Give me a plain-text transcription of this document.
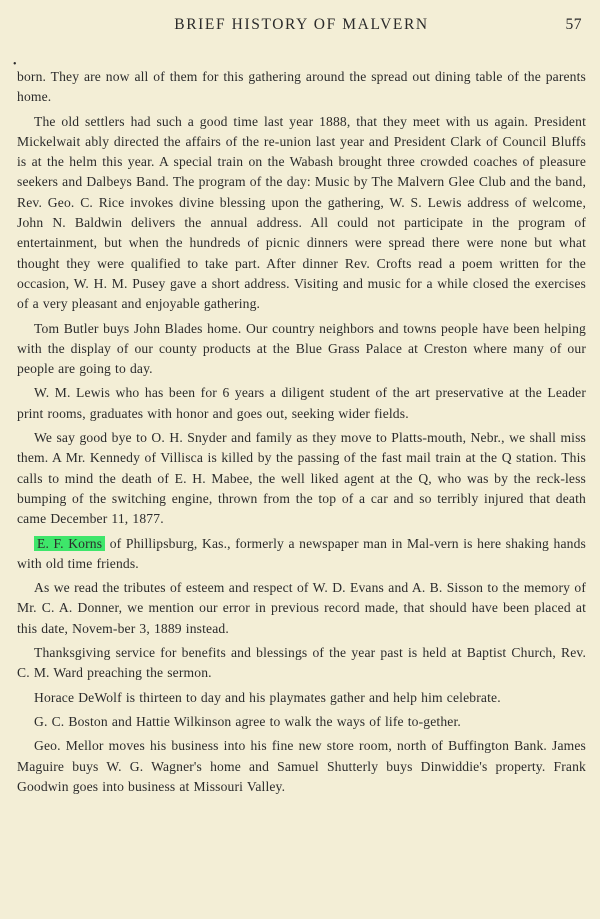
BRIEF HISTORY OF MALVERN	57
•

born. They are now all of them for this gathering around the spread out dining table of the parents home.

The old settlers had such a good time last year 1888, that they meet with us again. President Mickelwait ably directed the affairs of the re-union last year and President Clark of Council Bluffs is at the helm this year. A special train on the Wabash brought three crowded coaches of pleasure seekers and Dalbeys Band. The program of the day: Music by The Malvern Glee Club and the band, Rev. Geo. C. Rice invokes divine blessing upon the gathering, W. S. Lewis address of welcome, John N. Baldwin delivers the annual address. All could not participate in the program of entertainment, but when the hundreds of picnic dinners were spread there were none but what thought they were qualified to take part. After dinner Rev. Crofts read a poem written for the occasion, W. H. M. Pusey gave a short address. Visiting and music for a while closed the exercises of a very pleasant and enjoyable gathering.

Tom Butler buys John Blades home. Our country neighbors and towns people have been helping with the display of our county products at the Blue Grass Palace at Creston where many of our people are going to day.

W. M. Lewis who has been for 6 years a diligent student of the art preservative at the Leader print rooms, graduates with honor and goes out, seeking wider fields.

We say good bye to O. H. Snyder and family as they move to Platts-mouth, Nebr., we shall miss them. A Mr. Kennedy of Villisca is killed by the passing of the fast mail train at the Q station. This calls to mind the death of E. H. Mabee, the well liked agent at the Q, who was by the reck-less bumping of the switching engine, thrown from the top of a car and so terribly injured that death came December 11, 1877.

E. F. Korns of Phillipsburg, Kas., formerly a newspaper man in Mal-vern is here shaking hands with old time friends.

As we read the tributes of esteem and respect of W. D. Evans and A. B. Sisson to the memory of Mr. C. A. Donner, we mention our error in previous record made, that should have been placed at this date, Novem-ber 3, 1889 instead.

Thanksgiving service for benefits and blessings of the year past is held at Baptist Church, Rev. C. M. Ward preaching the sermon.

Horace DeWolf is thirteen to day and his playmates gather and help him celebrate.

G. C. Boston and Hattie Wilkinson agree to walk the ways of life to-gether.

Geo. Mellor moves his business into his fine new store room, north of Buffington Bank. James Maguire buys W. G. Wagner's home and Samuel Shutterly buys Dinwiddie's property. Frank Goodwin goes into business at Missouri Valley.
